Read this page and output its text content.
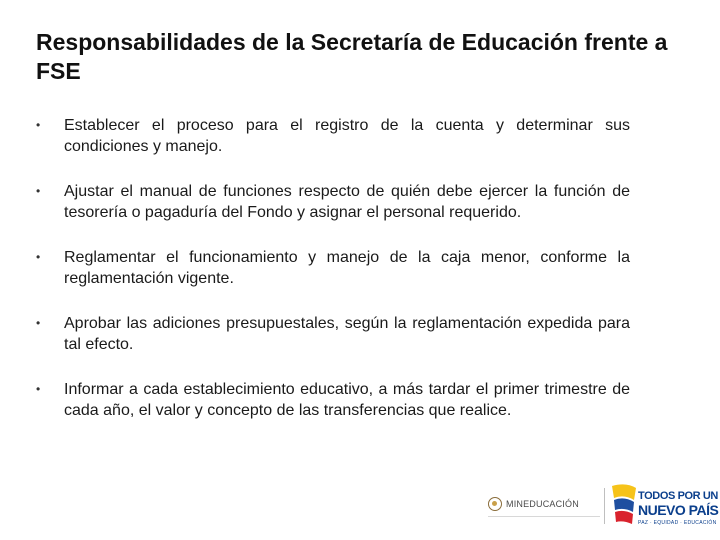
Responsabilidades de la Secretaría de Educación frente a FSE
• Establecer el proceso para el registro de la cuenta y determinar sus condiciones y manejo.
• Ajustar el manual de funciones respecto de quién debe ejercer la función de tesorería o pagaduría del Fondo y asignar el personal requerido.
• Reglamentar el funcionamiento y manejo de la caja menor, conforme la reglamentación vigente.
• Aprobar las adiciones presupuestales, según la reglamentación expedida para tal efecto.
• Informar a cada establecimiento educativo, a más tardar el primer trimestre de cada año, el valor y concepto de las transferencias que realice.
MINEDUCACIÓN
TODOS POR UN
NUEVO PAÍS
PAZ · EQUIDAD · EDUCACIÓN
